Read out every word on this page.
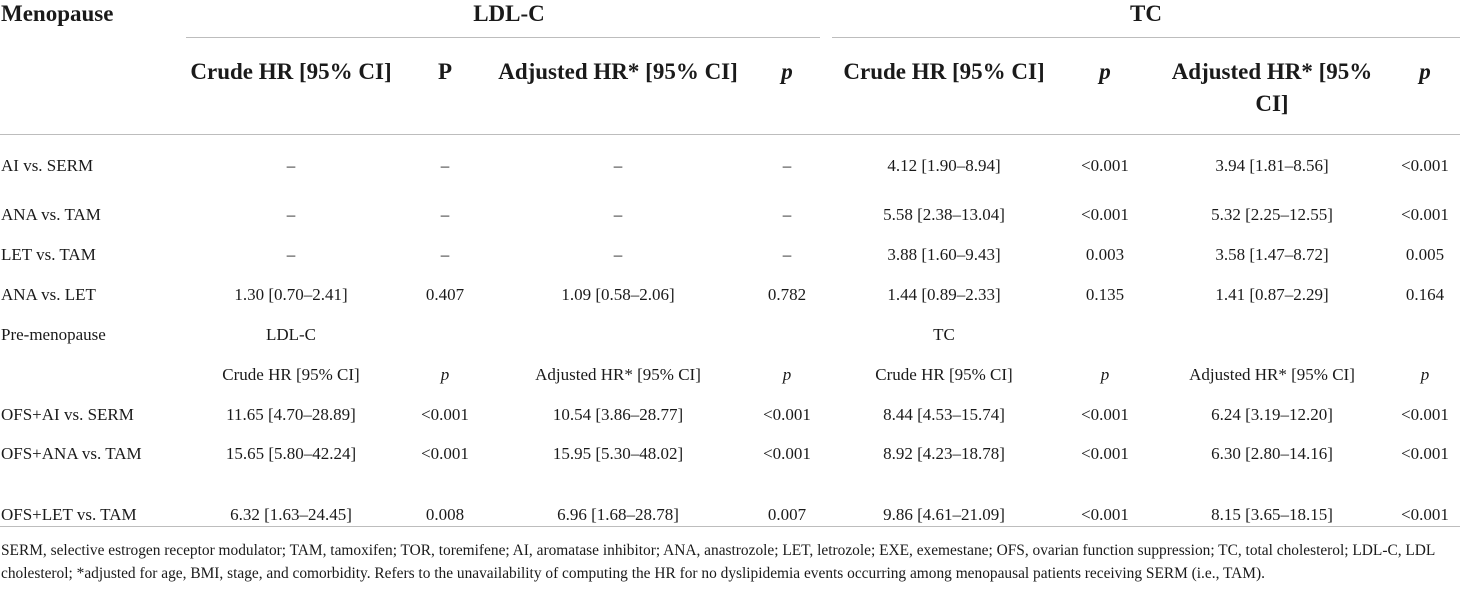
Menopause	LDL-C				TC			

	Crude HR [95% CI]	P	Adjusted HR* [95% CI]	p	Crude HR [95% CI]	p	Adjusted HR* [95% CI]	p
AI vs. SERM	–	–	–	–	4.12 [1.90–8.94]	<0.001	3.94 [1.81–8.56]	<0.001
ANA vs. TAM	–	–	–	–	5.58 [2.38–13.04]	<0.001	5.32 [2.25–12.55]	<0.001
LET vs. TAM	–	–	–	–	3.88 [1.60–9.43]	0.003	3.58 [1.47–8.72]	0.005
ANA vs. LET	1.30 [0.70–2.41]	0.407	1.09 [0.58–2.06]	0.782	1.44 [0.89–2.33]	0.135	1.41 [0.87–2.29]	0.164
Pre-menopause	LDL-C				TC			
	Crude HR [95% CI]	p	Adjusted HR* [95% CI]	p	Crude HR [95% CI]	p	Adjusted HR* [95% CI]	p
OFS+AI vs. SERM	11.65 [4.70–28.89]	<0.001	10.54 [3.86–28.77]	<0.001	8.44 [4.53–15.74]	<0.001	6.24 [3.19–12.20]	<0.001
OFS+ANA vs. TAM	15.65 [5.80–42.24]	<0.001	15.95 [5.30–48.02]	<0.001	8.92 [4.23–18.78]	<0.001	6.30 [2.80–14.16]	<0.001
OFS+LET vs. TAM	6.32 [1.63–24.45]	0.008	6.96 [1.68–28.78]	0.007	9.86 [4.61–21.09]	<0.001	8.15 [3.65–18.15]	<0.001
SERM, selective estrogen receptor modulator; TAM, tamoxifen; TOR, toremifene; AI, aromatase inhibitor; ANA, anastrozole; LET, letrozole; EXE, exemestane; OFS, ovarian function suppression; TC, total cholesterol; LDL-C, LDL cholesterol; *adjusted for age, BMI, stage, and comorbidity. Refers to the unavailability of computing the HR for no dyslipidemia events occurring among menopausal patients receiving SERM (i.e., TAM).
